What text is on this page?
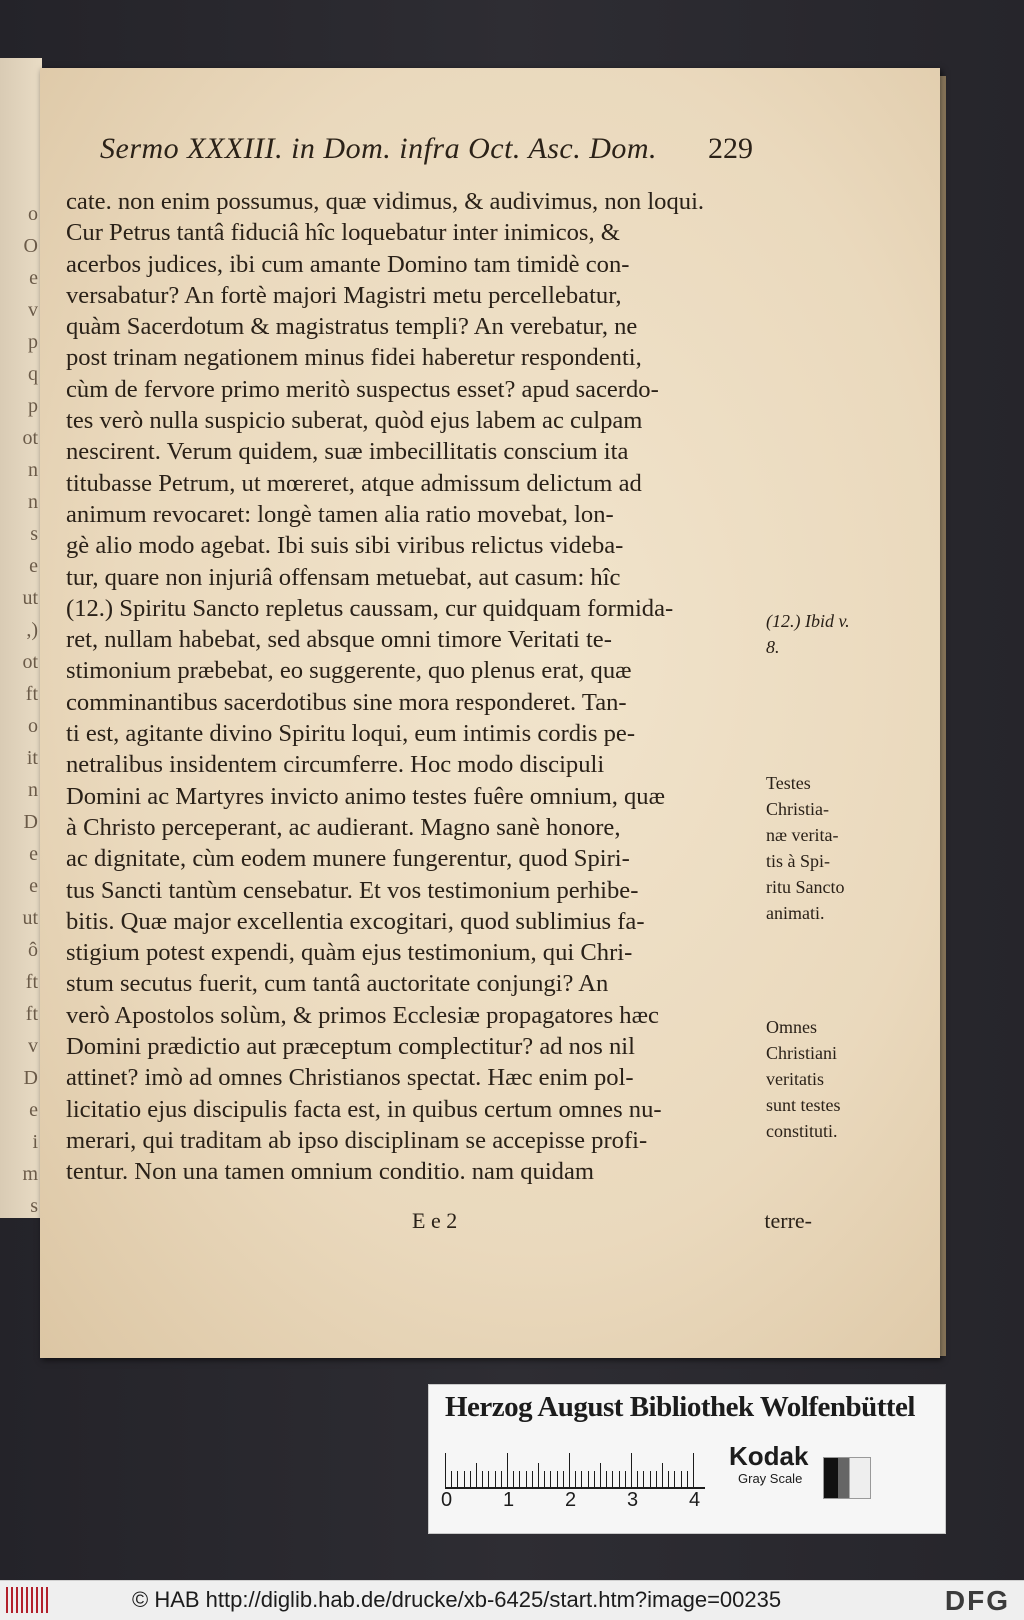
o
O
e
v
p
q
p
ot
n
n
s
e
ut
,)
ot
ft
o
it
n
D
e
e
ut
ô
ft
ft
v
D
e
i
m
s
Sermo XXXIII. in Dom. infra Oct. Asc. Dom.	229
cate. non enim possumus, quæ vidimus, & audivimus, non loqui.
Cur Petrus tantâ fiduciâ hîc loquebatur inter inimicos, &
acerbos judices, ibi cum amante Domino tam timidè con-
versabatur? An fortè majori Magistri metu percellebatur,
quàm Sacerdotum & magistratus templi? An verebatur, ne
post trinam negationem minus fidei haberetur respondenti,
cùm de fervore primo meritò suspectus esset? apud sacerdo-
tes verò nulla suspicio suberat, quòd ejus labem ac culpam
nescirent. Verum quidem, suæ imbecillitatis conscium ita
titubasse Petrum, ut mœreret, atque admissum delictum ad
animum revocaret: longè tamen alia ratio movebat, lon-
gè alio modo agebat. Ibi suis sibi viribus relictus videba-
tur, quare non injuriâ offensam metuebat, aut casum: hîc
(12.) Spiritu Sancto repletus caussam, cur quidquam formida-
ret, nullam habebat, sed absque omni timore Veritati te-
stimonium præbebat, eo suggerente, quo plenus erat, quæ
comminantibus sacerdotibus sine mora responderet. Tan-
ti est, agitante divino Spiritu loqui, eum intimis cordis pe-
netralibus insidentem circumferre. Hoc modo discipuli
Domini ac Martyres invicto animo testes fuêre omnium, quæ
à Christo perceperant, ac audierant. Magno sanè honore,
ac dignitate, cùm eodem munere fungerentur, quod Spiri-
tus Sancti tantùm censebatur. Et vos testimonium perhibe-
bitis. Quæ major excellentia excogitari, quod sublimius fa-
stigium potest expendi, quàm ejus testimonium, qui Chri-
stum secutus fuerit, cum tantâ auctoritate conjungi? An
verò Apostolos solùm, & primos Ecclesiæ propagatores hæc
Domini prædictio aut præceptum complectitur? ad nos nil
attinet? imò ad omnes Christianos spectat. Hæc enim pol-
licitatio ejus discipulis facta est, in quibus certum omnes nu-
merari, qui traditam ab ipso disciplinam se accepisse profi-
tentur. Non una tamen omnium conditio. nam quidam
(12.) Ibid v.
8.
Testes
Christia-
næ verita-
tis à Spi-
ritu Sancto
animati.
Omnes
Christiani
veritatis
sunt testes
constituti.
E e 2	terre-
Herzog August Bibliothek Wolfenbüttel
0	1	2	3	4
Kodak
Gray Scale
© HAB http://diglib.hab.de/drucke/xb-6425/start.htm?image=00235	DFG
